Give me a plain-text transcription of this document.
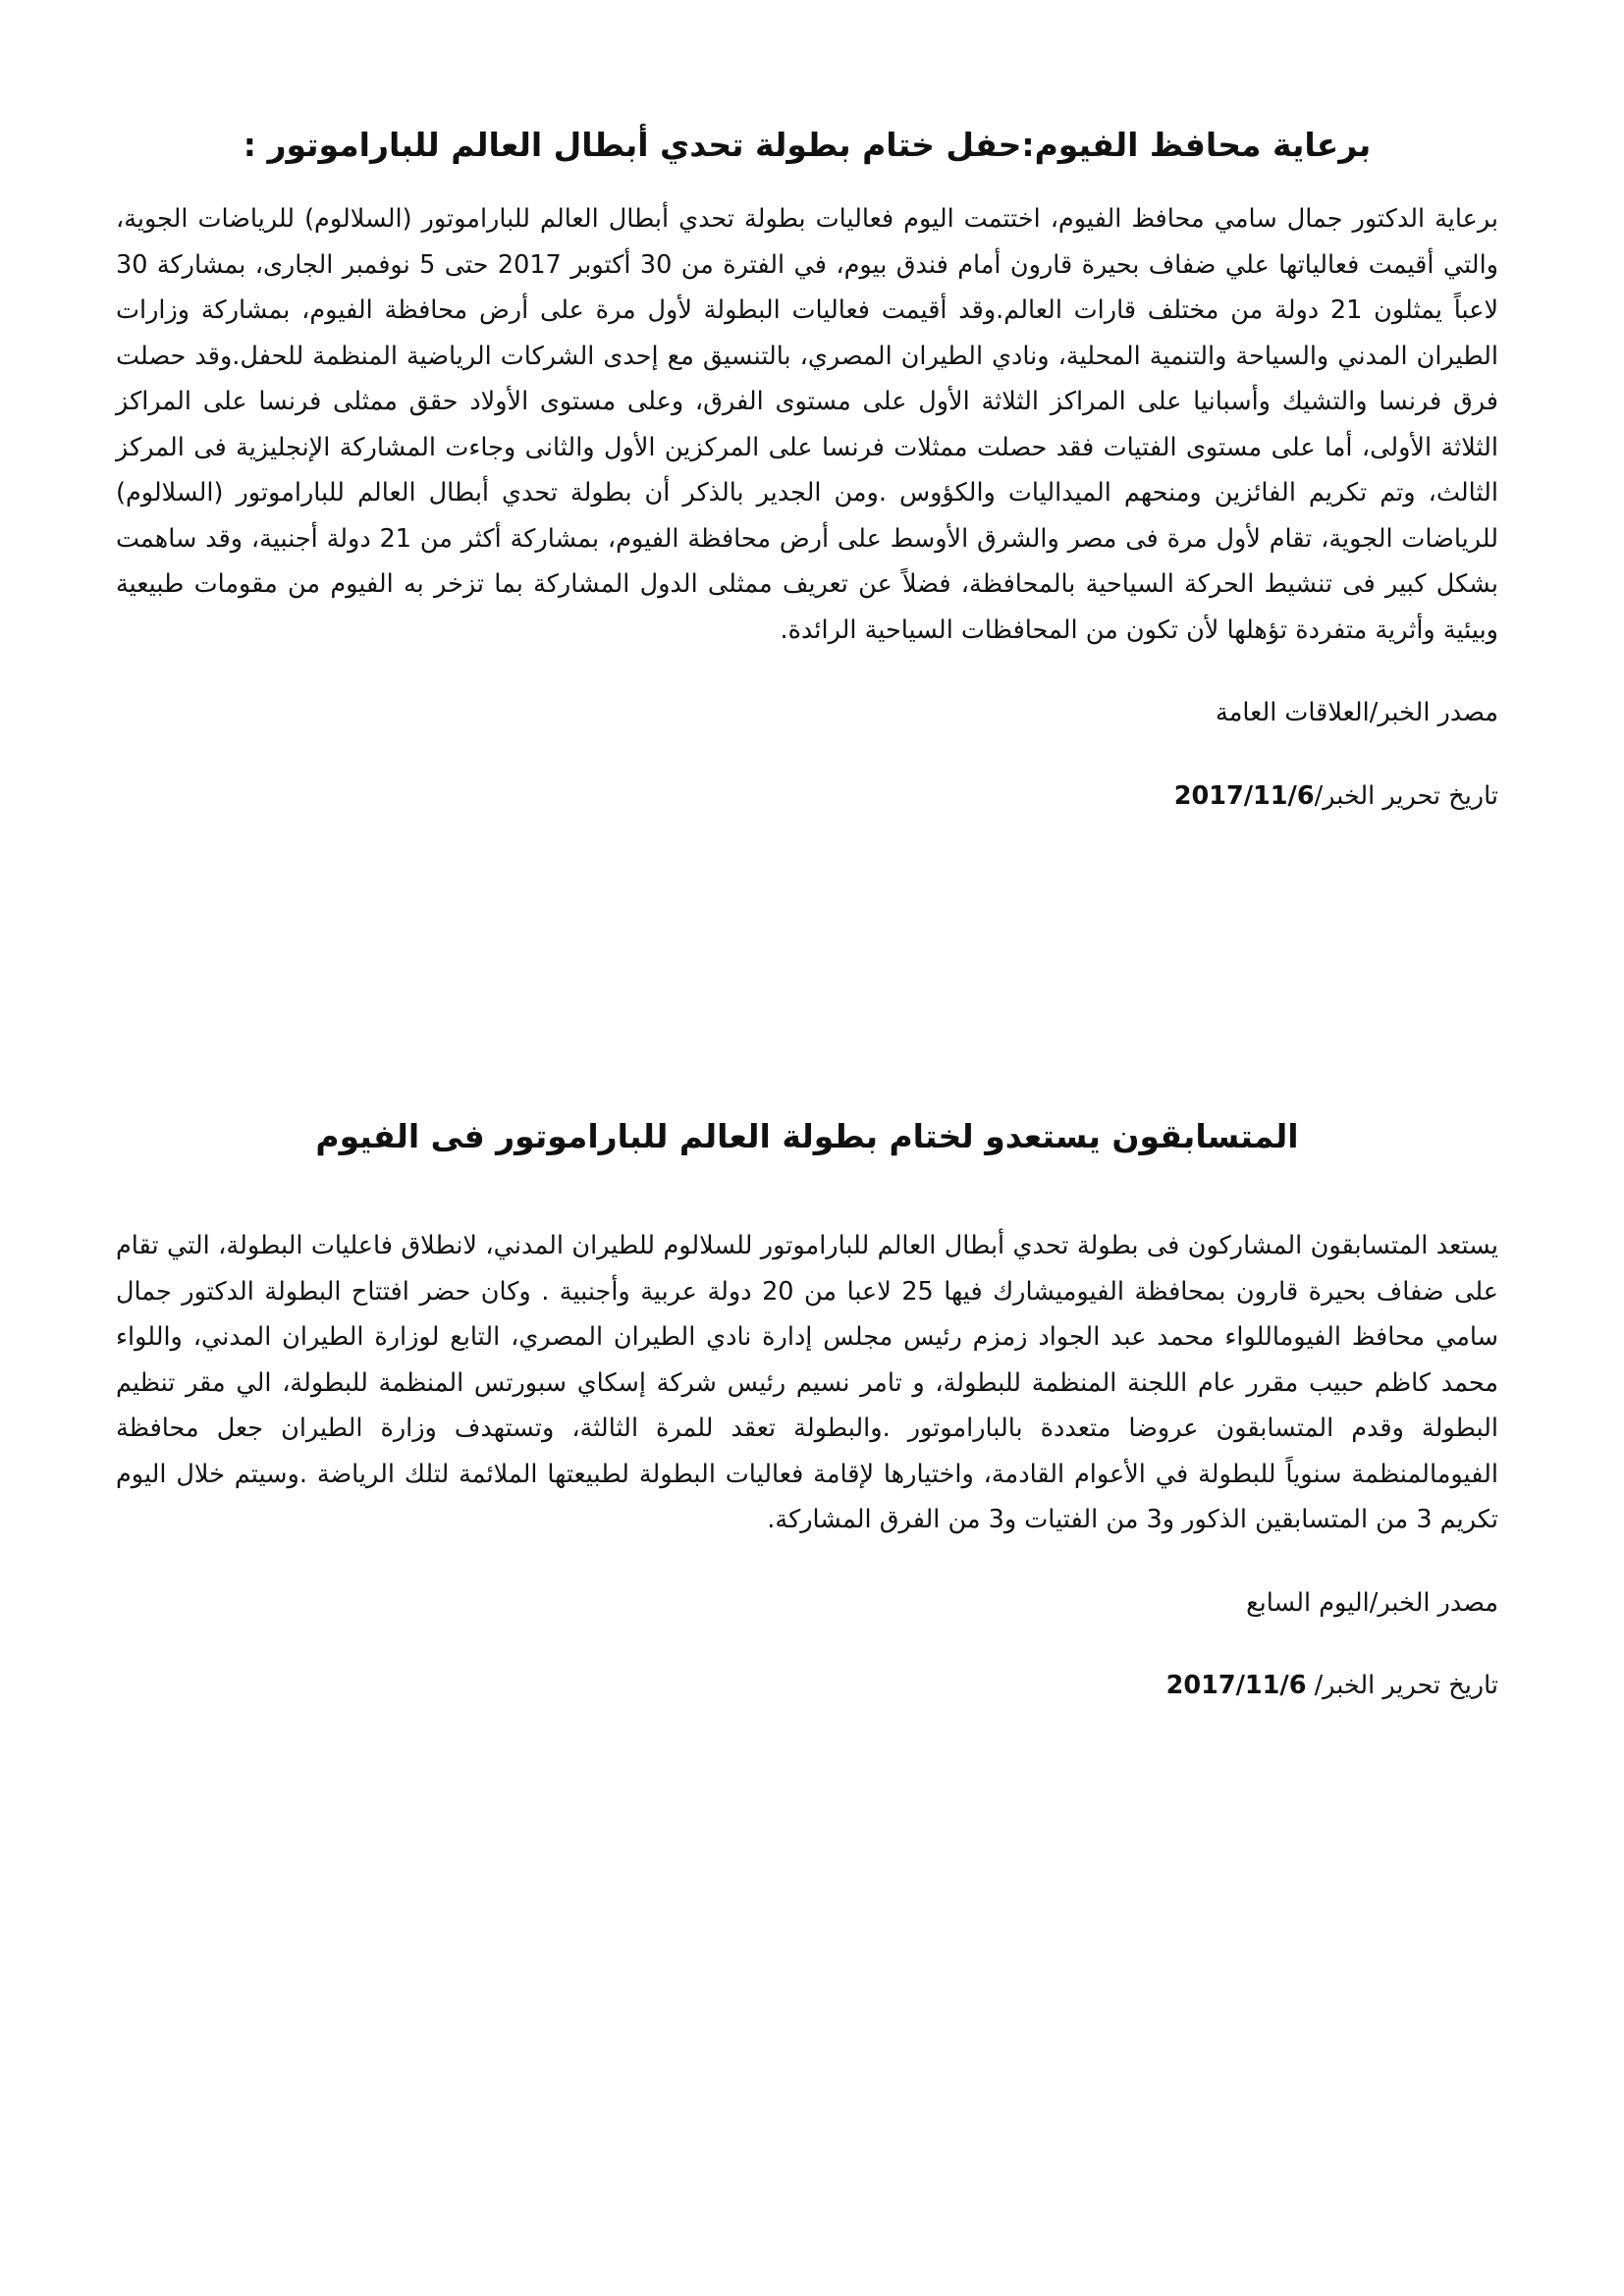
برعاية محافظ الفيوم:حفل ختام بطولة تحدي أبطال العالم للباراموتور :

برعاية الدكتور جمال سامي محافظ الفيوم، اختتمت اليوم فعاليات بطولة تحدي أبطال العالم للباراموتور (السلالوم) للرياضات الجوية، والتي أقيمت فعالياتها علي ضفاف بحيرة قارون أمام فندق بيوم، في الفترة من 30 أكتوبر 2017 حتى 5 نوفمبر الجارى، بمشاركة 30 لاعباً يمثلون 21 دولة من مختلف قارات العالم.وقد أقيمت فعاليات البطولة لأول مرة على أرض محافظة الفيوم، بمشاركة وزارات الطيران المدني والسياحة والتنمية المحلية، ونادي الطيران المصري، بالتنسيق مع إحدى الشركات الرياضية المنظمة للحفل.وقد حصلت فرق فرنسا والتشيك وأسبانيا على المراكز الثلاثة الأول على مستوى الفرق، وعلى مستوى الأولاد حقق ممثلى فرنسا على المراكز الثلاثة الأولى، أما على مستوى الفتيات فقد حصلت ممثلات فرنسا على المركزين الأول والثانى وجاءت المشاركة الإنجليزية فى المركز الثالث، وتم تكريم الفائزين ومنحهم الميداليات والكؤوس .ومن الجدير بالذكر أن بطولة تحدي أبطال العالم للباراموتور (السلالوم) للرياضات الجوية، تقام لأول مرة فى مصر والشرق الأوسط على أرض محافظة الفيوم، بمشاركة أكثر من 21 دولة أجنبية، وقد ساهمت بشكل كبير فى تنشيط الحركة السياحية بالمحافظة، فضلاً عن تعريف ممثلى الدول المشاركة بما تزخر به الفيوم من مقومات طبيعية وبيئية وأثرية متفردة تؤهلها لأن تكون من المحافظات السياحية الرائدة.

مصدر الخبر/العلاقات العامة

تاريخ تحرير الخبر/2017/11/6

المتسابقون يستعدو لختام بطولة العالم للباراموتور فى الفيوم

يستعد المتسابقون المشاركون فى بطولة تحدي أبطال العالم للباراموتور للسلالوم للطيران المدني، لانطلاق فاعليات البطولة، التي تقام على ضفاف بحيرة قارون بمحافظة الفيوميشارك فيها 25 لاعبا من 20 دولة عربية وأجنبية . وكان حضر افتتاح البطولة الدكتور جمال سامي محافظ الفيوماللواء محمد عبد الجواد زمزم رئيس مجلس إدارة نادي الطيران المصري، التابع لوزارة الطيران المدني، واللواء محمد كاظم حبيب مقرر عام اللجنة المنظمة للبطولة، و تامر نسيم رئيس شركة إسكاي سبورتس المنظمة للبطولة، الي مقر تنظيم البطولة وقدم المتسابقون عروضا متعددة بالباراموتور .والبطولة تعقد للمرة الثالثة، وتستهدف وزارة الطيران جعل محافظة الفيومالمنظمة سنوياً للبطولة في الأعوام القادمة، واختيارها لإقامة فعاليات البطولة لطبيعتها الملائمة لتلك الرياضة .وسيتم خلال اليوم تكريم 3 من المتسابقين الذكور و3 من الفتيات و3 من الفرق المشاركة.

مصدر الخبر/اليوم السابع

تاريخ تحرير الخبر/ 2017/11/6
